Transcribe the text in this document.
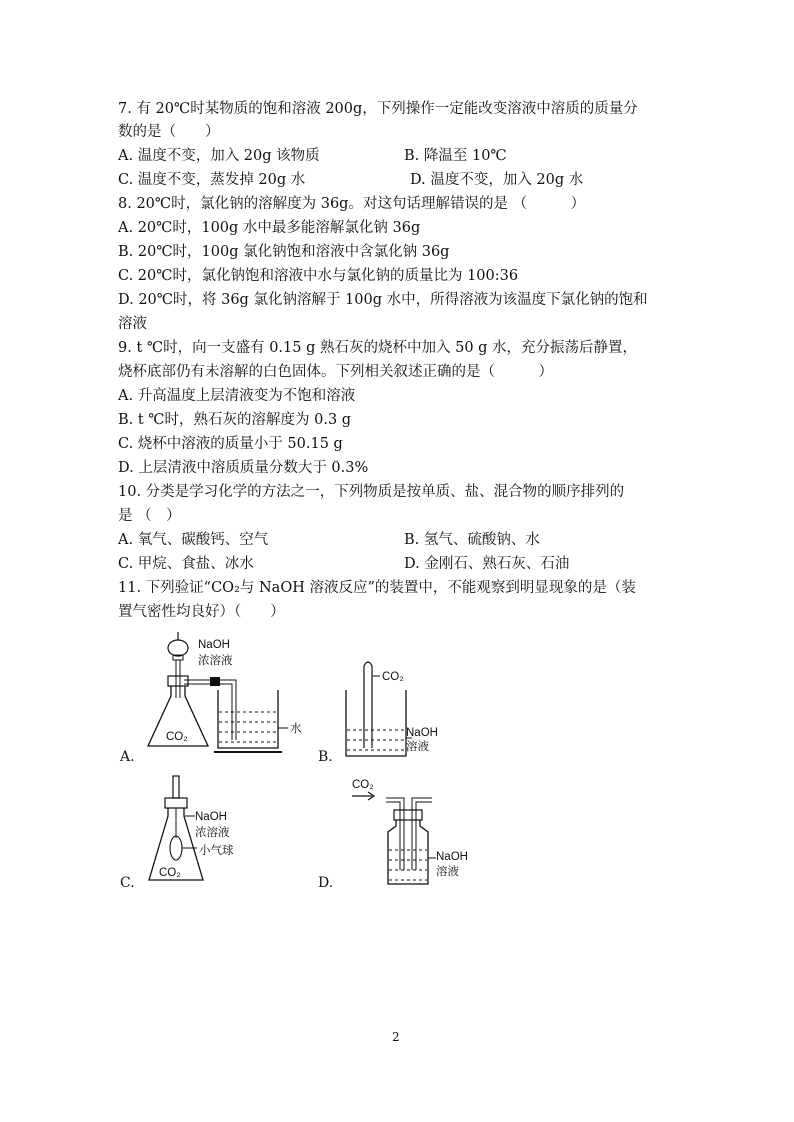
7. 有 20℃时某物质的饱和溶液 200g，下列操作一定能改变溶液中溶质的质量分
数的是（　　）
A. 温度不变，加入 20g 该物质	B. 降温至 10℃
C. 温度不变，蒸发掉 20g 水	D. 温度不变，加入 20g 水
8. 20℃时，氯化钠的溶解度为 36g。对这句话理解错误的是 （　　　）
A. 20℃时，100g 水中最多能溶解氯化钠 36g
B. 20℃时，100g 氯化钠饱和溶液中含氯化钠 36g
C. 20℃时，氯化钠饱和溶液中水与氯化钠的质量比为 100:36
D. 20℃时，将 36g 氯化钠溶解于 100g 水中，所得溶液为该温度下氯化钠的饱和
溶液
9. t ℃时，向一支盛有 0.15 g 熟石灰的烧杯中加入 50 g 水，充分振荡后静置，
烧杯底部仍有未溶解的白色固体。下列相关叙述正确的是（　　　）
A. 升高温度上层清液变为不饱和溶液
B. t ℃时，熟石灰的溶解度为 0.3 g
C. 烧杯中溶液的质量小于 50.15 g
D. 上层清液中溶质质量分数大于 0.3%
10. 分类是学习化学的方法之一，下列物质是按单质、盐、混合物的顺序排列的
是 （　）
A. 氧气、碳酸钙、空气	B. 氢气、硫酸钠、水
C. 甲烷、食盐、冰水	D. 金刚石、熟石灰、石油
11. 下列验证“CO₂与 NaOH 溶液反应”的装置中，不能观察到明显现象的是（装
置气密性均良好）（　　）
NaOH
浓溶液
水
CO₂
A.
CO₂
NaOH
溶液
B.
NaOH
浓溶液
小气球
CO₂
C.
CO₂
NaOH
溶液
D.
2
